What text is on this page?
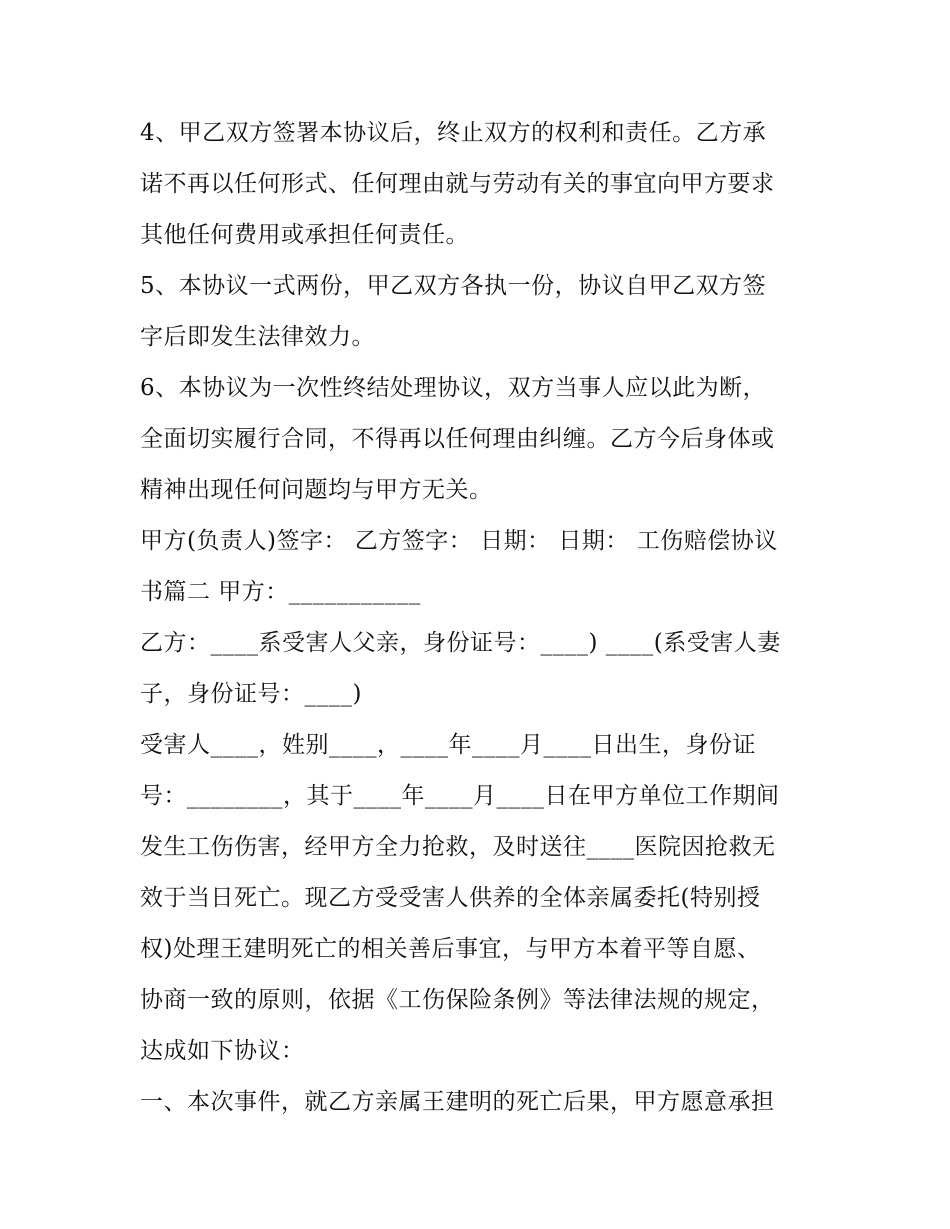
4、甲乙双方签署本协议后，终止双方的权利和责任。乙方承
诺不再以任何形式、任何理由就与劳动有关的事宜向甲方要求
其他任何费用或承担任何责任。
5、本协议一式两份，甲乙双方各执一份，协议自甲乙双方签
字后即发生法律效力。
6、本协议为一次性终结处理协议，双方当事人应以此为断，
全面切实履行合同，不得再以任何理由纠缠。乙方今后身体或
精神出现任何问题均与甲方无关。
甲方(负责人)签字： 乙方签字： 日期： 日期： 工伤赔偿协议
书篇二 甲方：___________
乙方：____系受害人父亲，身份证号：____) ____(系受害人妻
子，身份证号：____)
受害人____，姓别____，____年____月____日出生，身份证
号：________，其于____年____月____日在甲方单位工作期间
发生工伤伤害，经甲方全力抢救，及时送往____医院因抢救无
效于当日死亡。现乙方受受害人供养的全体亲属委托(特别授
权)处理王建明死亡的相关善后事宜，与甲方本着平等自愿、
协商一致的原则，依据《工伤保险条例》等法律法规的规定，
达成如下协议：
一、本次事件，就乙方亲属王建明的死亡后果，甲方愿意承担
